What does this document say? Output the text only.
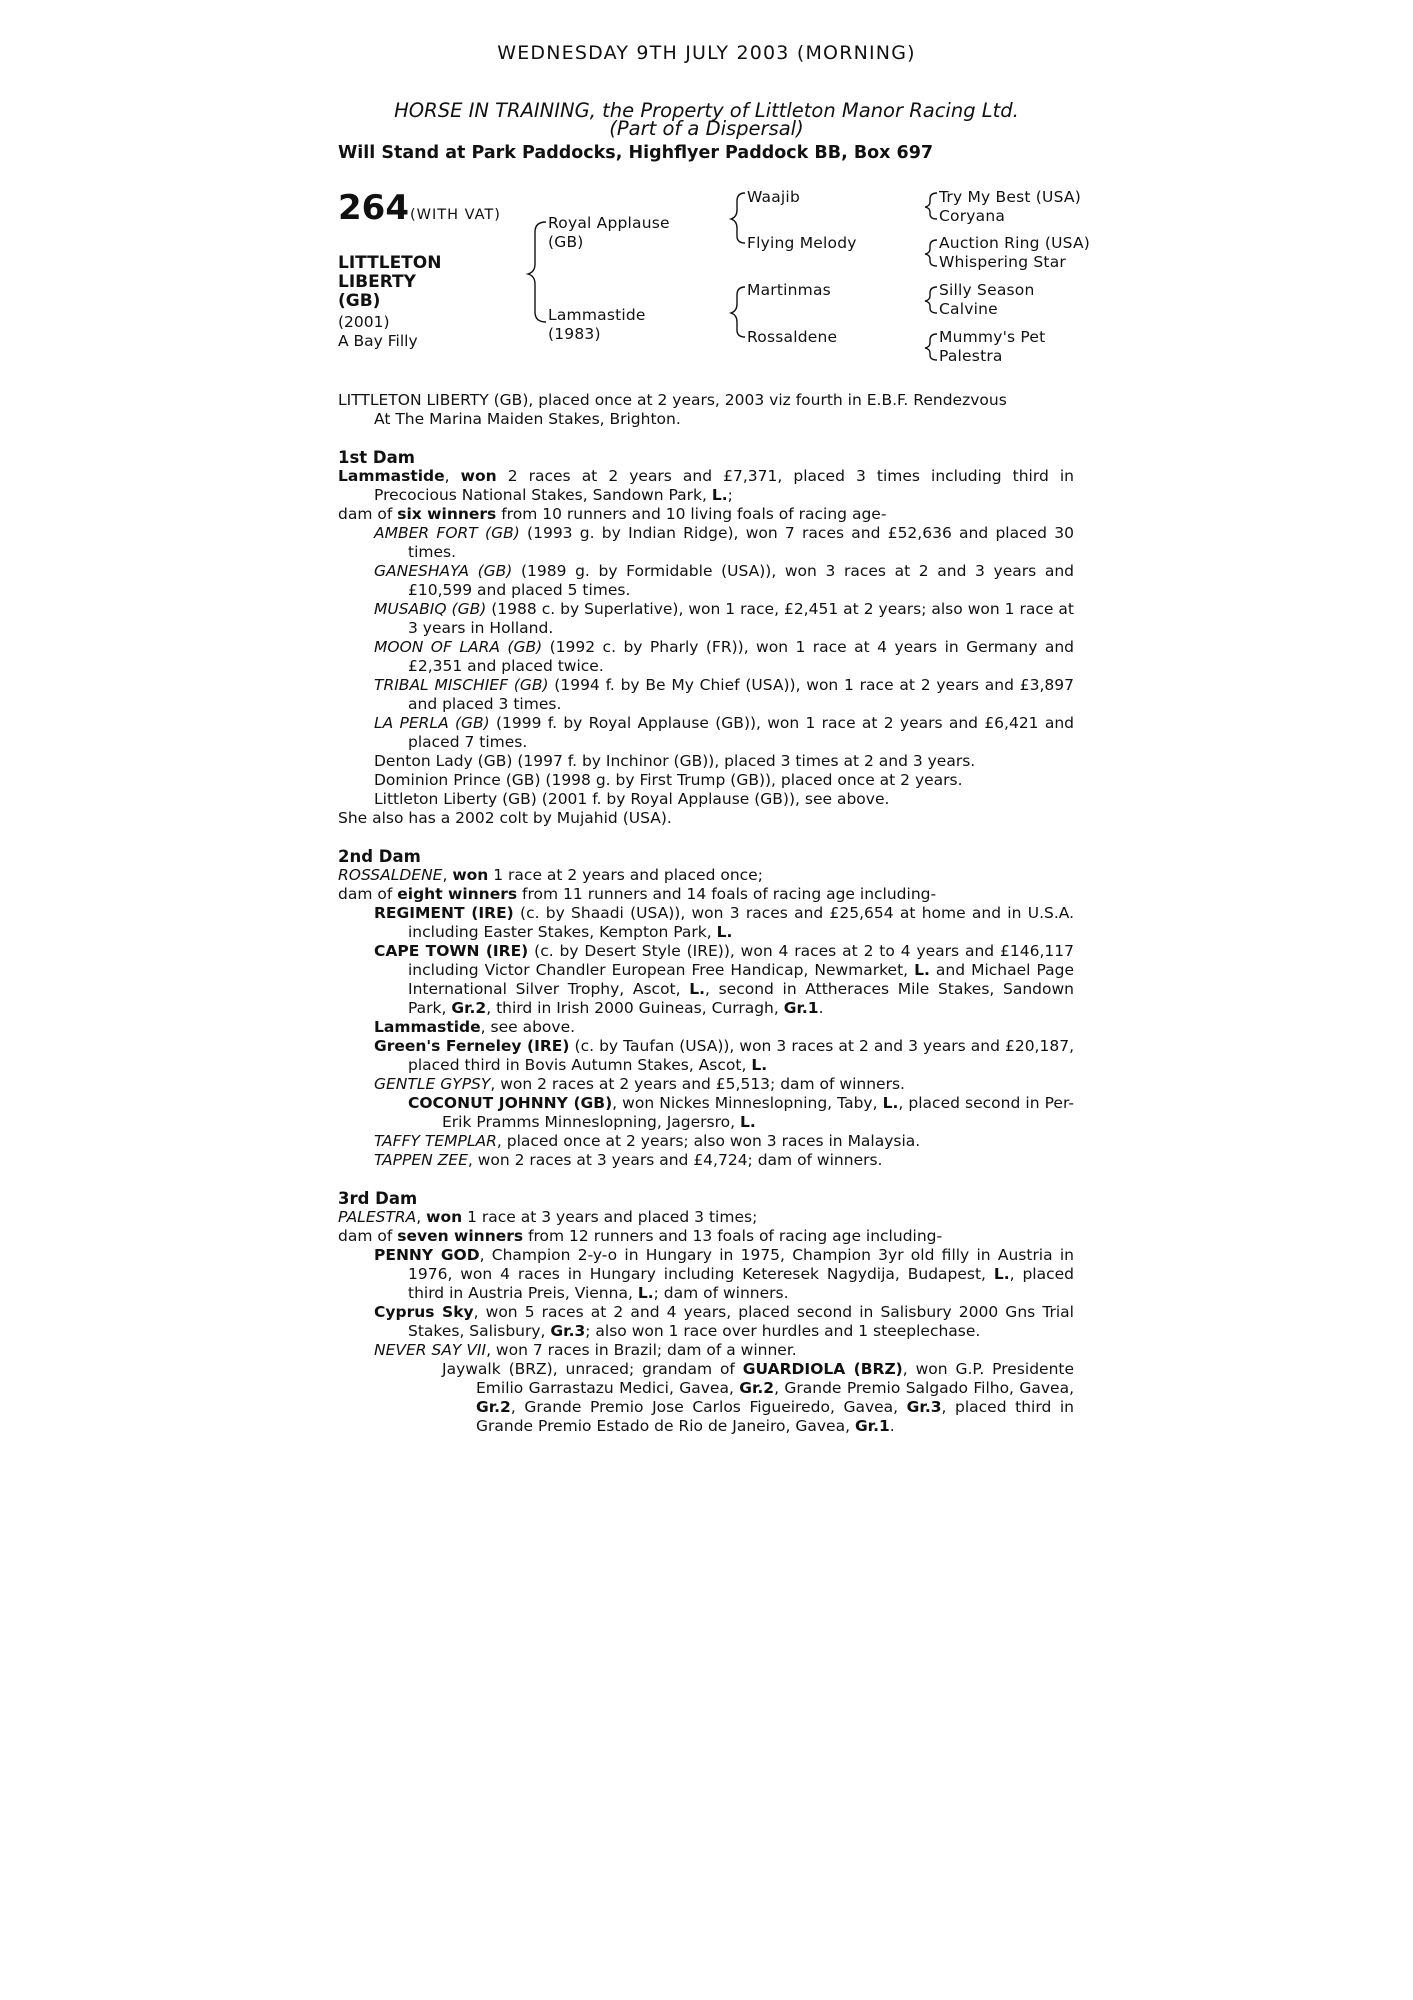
WEDNESDAY 9TH JULY 2003 (MORNING)
HORSE IN TRAINING, the Property of Littleton Manor Racing Ltd.
(Part of a Dispersal)
Will Stand at Park Paddocks, Highflyer Paddock BB, Box 697
264 (WITH VAT)
LITTLETON
LIBERTY
(GB)
(2001)
A Bay Filly
Royal Applause
(GB)
Lammastide
(1983)
Waajib
Flying Melody
Martinmas
Rossaldene
Try My Best (USA)
Coryana
Auction Ring (USA)
Whispering Star
Silly Season
Calvine
Mummy's Pet
Palestra
LITTLETON LIBERTY (GB), placed once at 2 years, 2003 viz fourth in E.B.F. Rendezvous
At The Marina Maiden Stakes, Brighton.
1st Dam
Lammastide, won 2 races at 2 years and £7,371, placed 3 times including third in Precocious National Stakes, Sandown Park, L.;
dam of six winners from 10 runners and 10 living foals of racing age-
AMBER FORT (GB) (1993 g. by Indian Ridge), won 7 races and £52,636 and placed 30 times.
GANESHAYA (GB) (1989 g. by Formidable (USA)), won 3 races at 2 and 3 years and £10,599 and placed 5 times.
MUSABIQ (GB) (1988 c. by Superlative), won 1 race, £2,451 at 2 years; also won 1 race at 3 years in Holland.
MOON OF LARA (GB) (1992 c. by Pharly (FR)), won 1 race at 4 years in Germany and £2,351 and placed twice.
TRIBAL MISCHIEF (GB) (1994 f. by Be My Chief (USA)), won 1 race at 2 years and £3,897 and placed 3 times.
LA PERLA (GB) (1999 f. by Royal Applause (GB)), won 1 race at 2 years and £6,421 and placed 7 times.
Denton Lady (GB) (1997 f. by Inchinor (GB)), placed 3 times at 2 and 3 years.
Dominion Prince (GB) (1998 g. by First Trump (GB)), placed once at 2 years.
Littleton Liberty (GB) (2001 f. by Royal Applause (GB)), see above.
She also has a 2002 colt by Mujahid (USA).
2nd Dam
ROSSALDENE, won 1 race at 2 years and placed once;
dam of eight winners from 11 runners and 14 foals of racing age including-
REGIMENT (IRE) (c. by Shaadi (USA)), won 3 races and £25,654 at home and in U.S.A. including Easter Stakes, Kempton Park, L.
CAPE TOWN (IRE) (c. by Desert Style (IRE)), won 4 races at 2 to 4 years and £146,117 including Victor Chandler European Free Handicap, Newmarket, L. and Michael Page International Silver Trophy, Ascot, L., second in Attheraces Mile Stakes, Sandown Park, Gr.2, third in Irish 2000 Guineas, Curragh, Gr.1.
Lammastide, see above.
Green's Ferneley (IRE) (c. by Taufan (USA)), won 3 races at 2 and 3 years and £20,187, placed third in Bovis Autumn Stakes, Ascot, L.
GENTLE GYPSY, won 2 races at 2 years and £5,513; dam of winners.
COCONUT JOHNNY (GB), won Nickes Minneslopning, Taby, L., placed second in Per-Erik Pramms Minneslopning, Jagersro, L.
TAFFY TEMPLAR, placed once at 2 years; also won 3 races in Malaysia.
TAPPEN ZEE, won 2 races at 3 years and £4,724; dam of winners.
3rd Dam
PALESTRA, won 1 race at 3 years and placed 3 times;
dam of seven winners from 12 runners and 13 foals of racing age including-
PENNY GOD, Champion 2-y-o in Hungary in 1975, Champion 3yr old filly in Austria in 1976, won 4 races in Hungary including Keteresek Nagydija, Budapest, L., placed third in Austria Preis, Vienna, L.; dam of winners.
Cyprus Sky, won 5 races at 2 and 4 years, placed second in Salisbury 2000 Gns Trial Stakes, Salisbury, Gr.3; also won 1 race over hurdles and 1 steeplechase.
NEVER SAY VII, won 7 races in Brazil; dam of a winner.
Jaywalk (BRZ), unraced; grandam of GUARDIOLA (BRZ), won G.P. Presidente Emilio Garrastazu Medici, Gavea, Gr.2, Grande Premio Salgado Filho, Gavea, Gr.2, Grande Premio Jose Carlos Figueiredo, Gavea, Gr.3, placed third in Grande Premio Estado de Rio de Janeiro, Gavea, Gr.1.
